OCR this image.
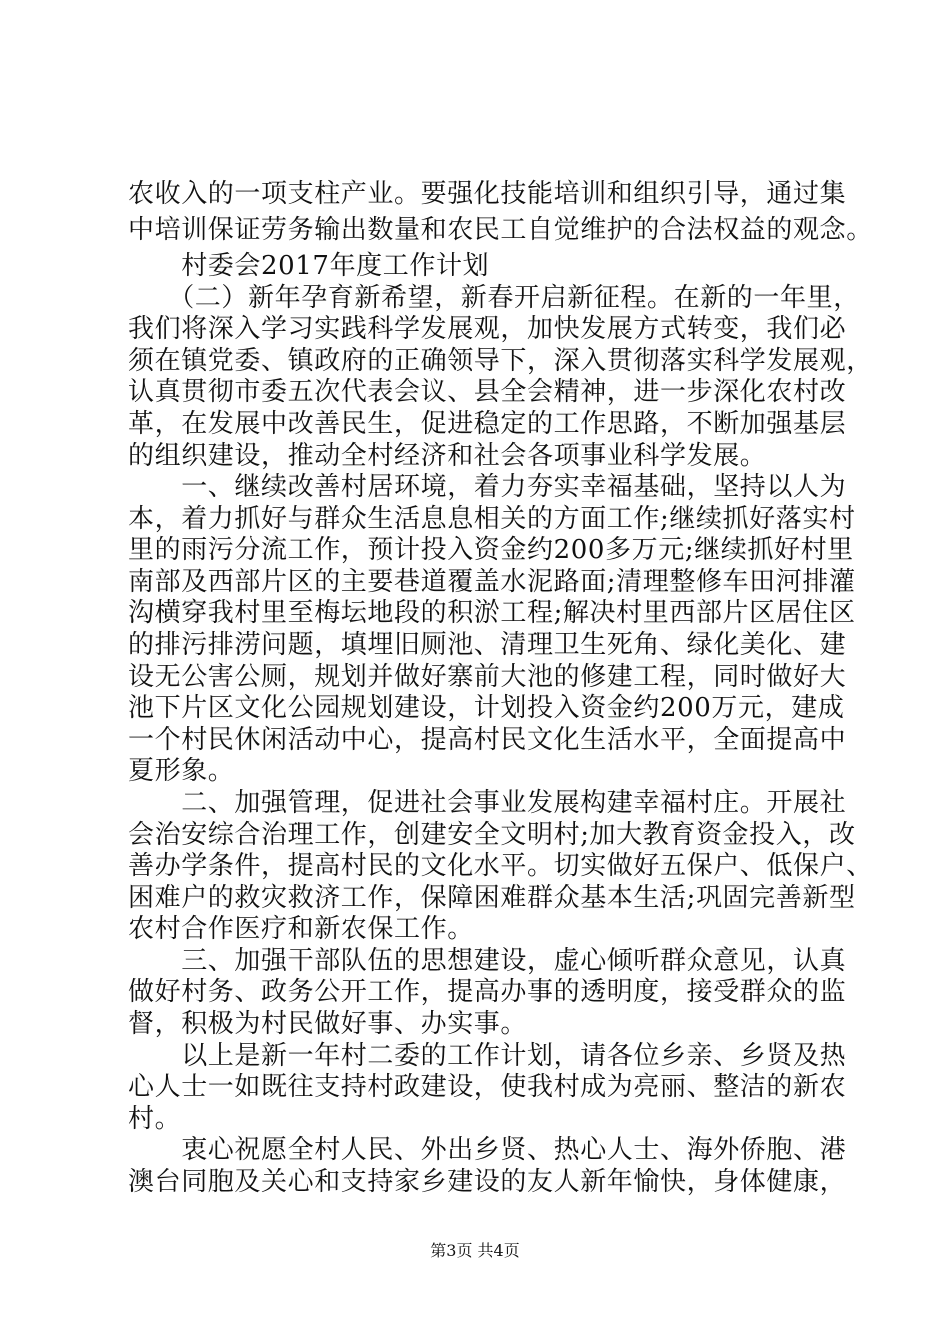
农收入的一项支柱产业。要强化技能培训和组织引导，通过集
中培训保证劳务输出数量和农民工自觉维护的合法权益的观念。
　　村委会2017年度工作计划
　　（二）新年孕育新希望，新春开启新征程。在新的一年里，
我们将深入学习实践科学发展观，加快发展方式转变，我们必
须在镇党委、镇政府的正确领导下，深入贯彻落实科学发展观，
认真贯彻市委五次代表会议、县全会精神，进一步深化农村改
革，在发展中改善民生，促进稳定的工作思路，不断加强基层
的组织建设，推动全村经济和社会各项事业科学发展。
　　一、继续改善村居环境，着力夯实幸福基础，坚持以人为
本，着力抓好与群众生活息息相关的方面工作;继续抓好落实村
里的雨污分流工作，预计投入资金约200多万元;继续抓好村里
南部及西部片区的主要巷道覆盖水泥路面;清理整修车田河排灌
沟横穿我村里至梅坛地段的积淤工程;解决村里西部片区居住区
的排污排涝问题，填埋旧厕池、清理卫生死角、绿化美化、建
设无公害公厕，规划并做好寨前大池的修建工程，同时做好大
池下片区文化公园规划建设，计划投入资金约200万元，建成
一个村民休闲活动中心，提高村民文化生活水平，全面提高中
夏形象。
　　二、加强管理，促进社会事业发展构建幸福村庄。开展社
会治安综合治理工作，创建安全文明村;加大教育资金投入，改
善办学条件，提高村民的文化水平。切实做好五保户、低保户、
困难户的救灾救济工作，保障困难群众基本生活;巩固完善新型
农村合作医疗和新农保工作。
　　三、加强干部队伍的思想建设，虚心倾听群众意见，认真
做好村务、政务公开工作，提高办事的透明度，接受群众的监
督，积极为村民做好事、办实事。
　　以上是新一年村二委的工作计划，请各位乡亲、乡贤及热
心人士一如既往支持村政建设，使我村成为亮丽、整洁的新农
村。
　　衷心祝愿全村人民、外出乡贤、热心人士、海外侨胞、港
澳台同胞及关心和支持家乡建设的友人新年愉快，身体健康，
第3页 共4页
